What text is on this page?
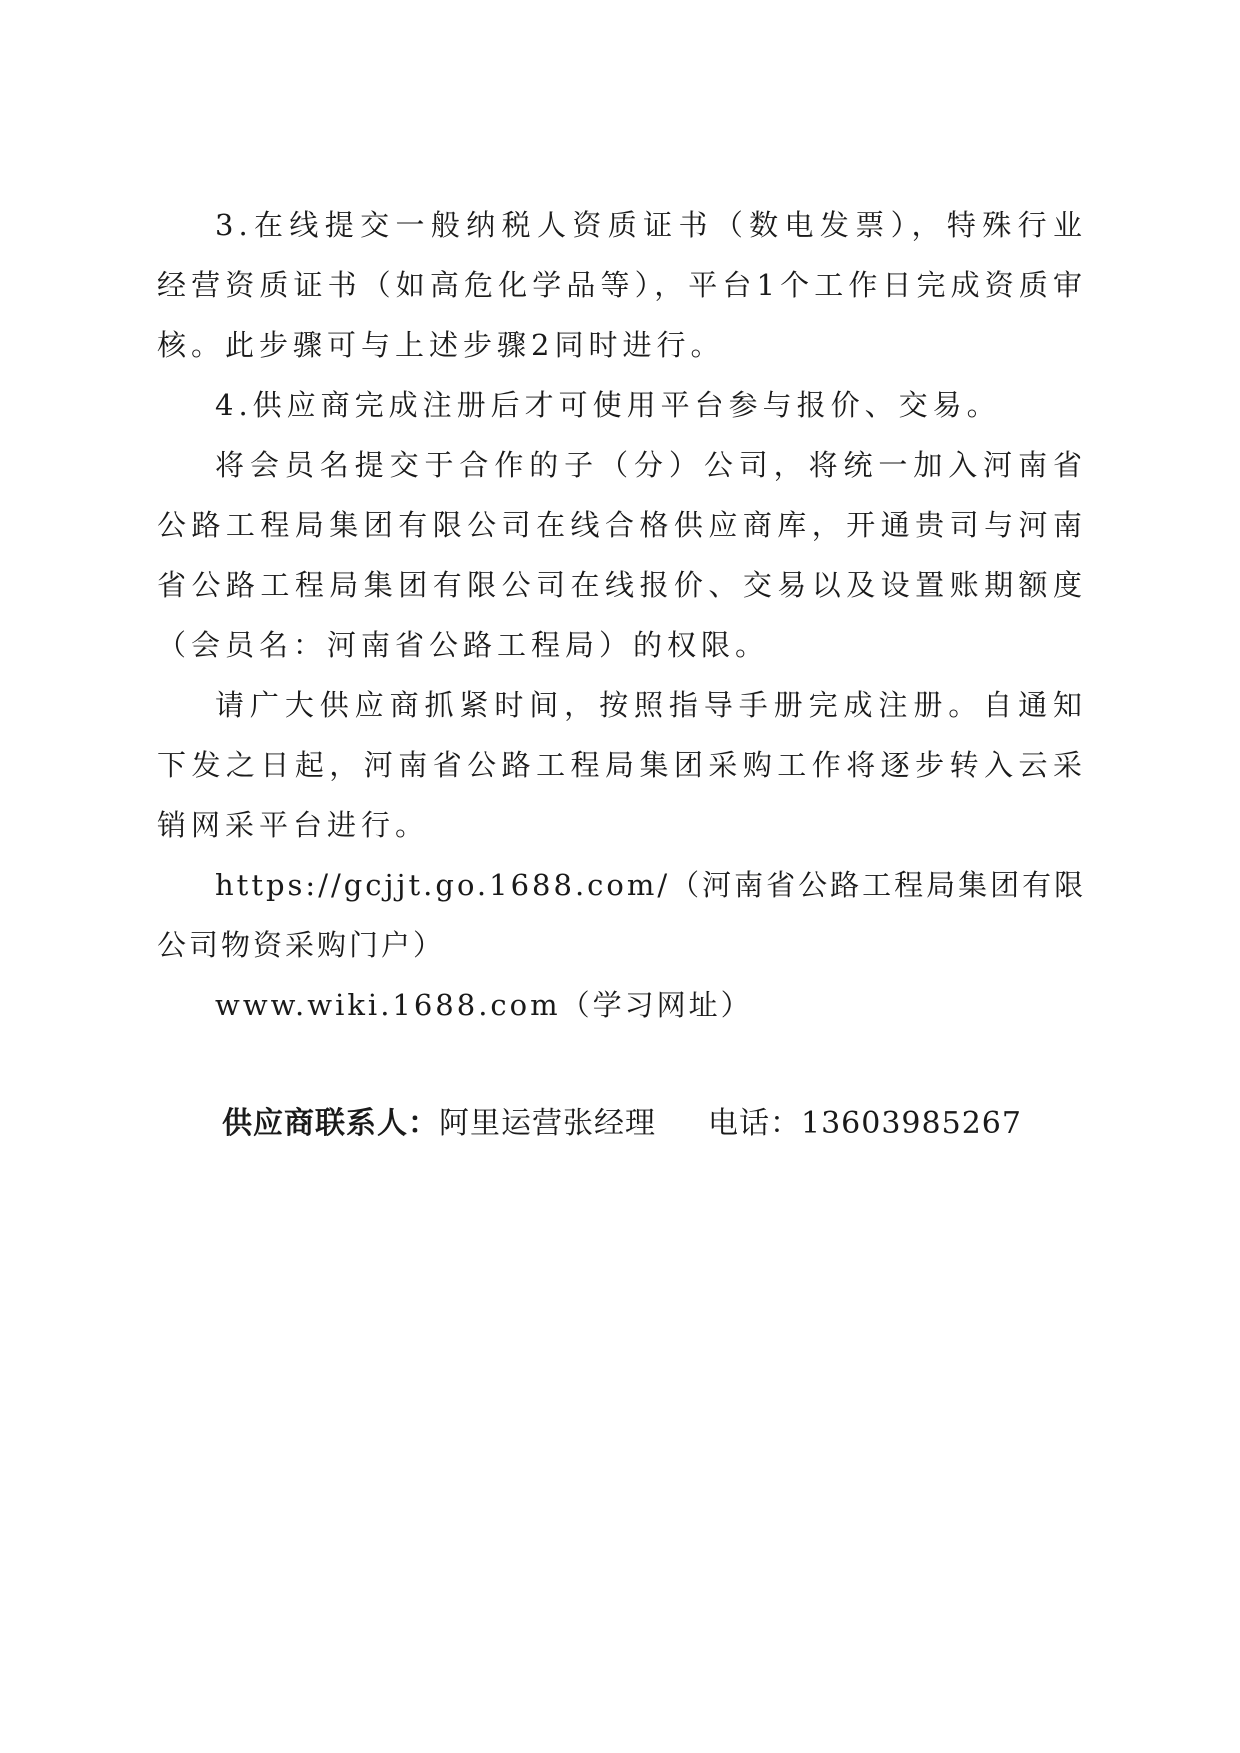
3.在线提交一般纳税人资质证书（数电发票），特殊行业经营资质证书（如高危化学品等），平台1个工作日完成资质审核。此步骤可与上述步骤2同时进行。

4.供应商完成注册后才可使用平台参与报价、交易。

将会员名提交于合作的子（分）公司，将统一加入河南省公路工程局集团有限公司在线合格供应商库，开通贵司与河南省公路工程局集团有限公司在线报价、交易以及设置账期额度（会员名：河南省公路工程局）的权限。

请广大供应商抓紧时间，按照指导手册完成注册。自通知下发之日起，河南省公路工程局集团采购工作将逐步转入云采销网采平台进行。

https://gcjjt.go.1688.com/（河南省公路工程局集团有限公司物资采购门户）

www.wiki.1688.com（学习网址）

供应商联系人：阿里运营张经理 电话：13603985267
